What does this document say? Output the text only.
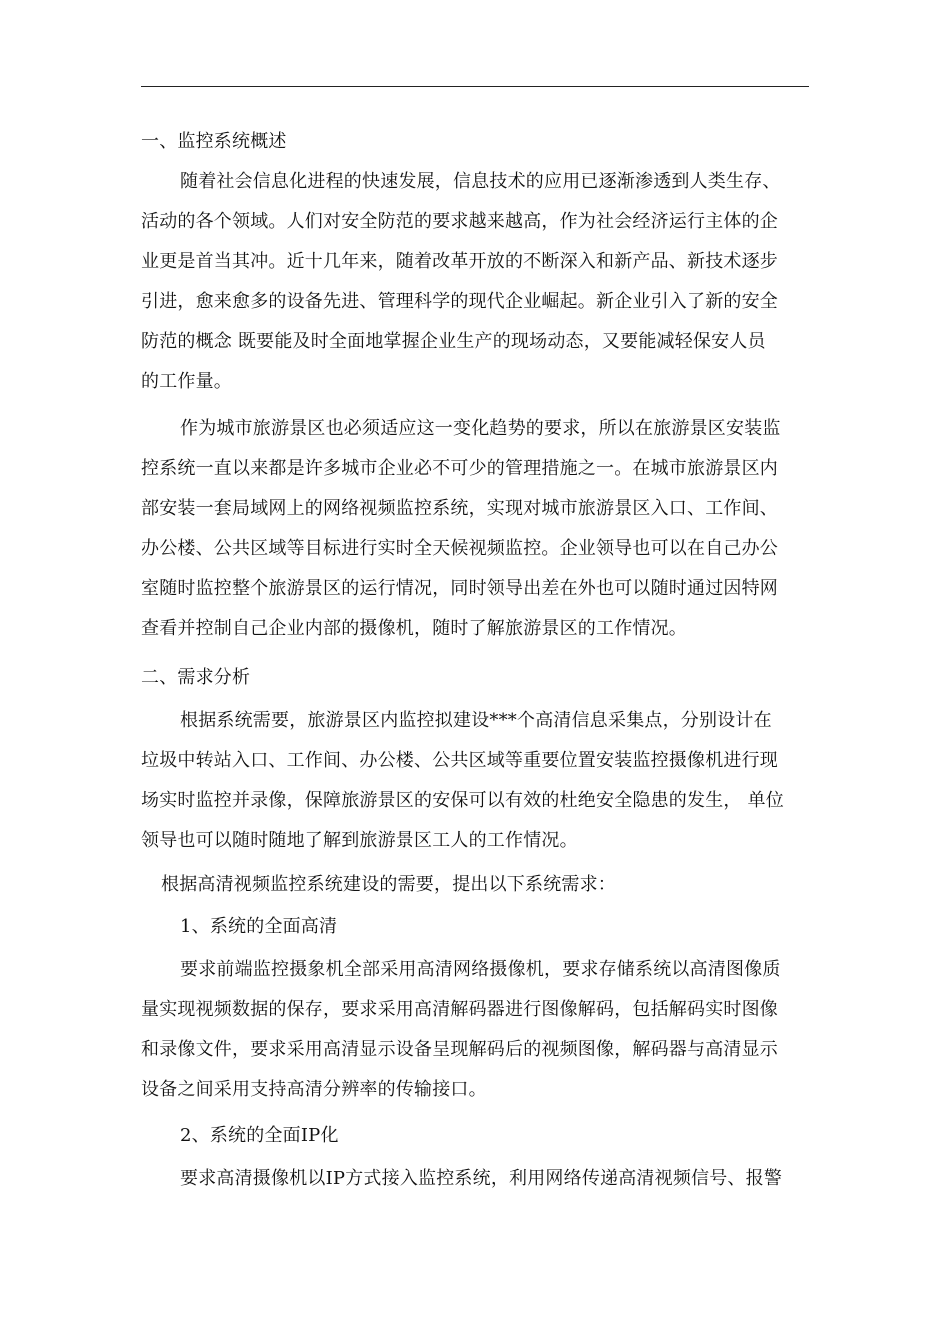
一、监控系统概述
随着社会信息化进程的快速发展，信息技术的应用已逐渐渗透到人类生存、
活动的各个领域。人们对安全防范的要求越来越高，作为社会经济运行主体的企
业更是首当其冲。近十几年来，随着改革开放的不断深入和新产品、新技术逐步
引进，愈来愈多的设备先进、管理科学的现代企业崛起。新企业引入了新的安全
防范的概念 既要能及时全面地掌握企业生产的现场动态，又要能减轻保安人员
的工作量。
作为城市旅游景区也必须适应这一变化趋势的要求，所以在旅游景区安装监
控系统一直以来都是许多城市企业必不可少的管理措施之一。在城市旅游景区内
部安装一套局域网上的网络视频监控系统，实现对城市旅游景区入口、工作间、
办公楼、公共区域等目标进行实时全天候视频监控。企业领导也可以在自己办公
室随时监控整个旅游景区的运行情况，同时领导出差在外也可以随时通过因特网
查看并控制自己企业内部的摄像机，随时了解旅游景区的工作情况。
二、需求分析
根据系统需要，旅游景区内监控拟建设***个高清信息采集点，分别设计在
垃圾中转站入口、工作间、办公楼、公共区域等重要位置安装监控摄像机进行现
场实时监控并录像，保障旅游景区的安保可以有效的杜绝安全隐患的发生， 单位
领导也可以随时随地了解到旅游景区工人的工作情况。
根据高清视频监控系统建设的需要，提出以下系统需求：
1、系统的全面高清
要求前端监控摄象机全部采用高清网络摄像机，要求存储系统以高清图像质
量实现视频数据的保存，要求采用高清解码器进行图像解码，包括解码实时图像
和录像文件，要求采用高清显示设备呈现解码后的视频图像，解码器与高清显示
设备之间采用支持高清分辨率的传输接口。
2、系统的全面IP化
要求高清摄像机以IP方式接入监控系统，利用网络传递高清视频信号、报警
